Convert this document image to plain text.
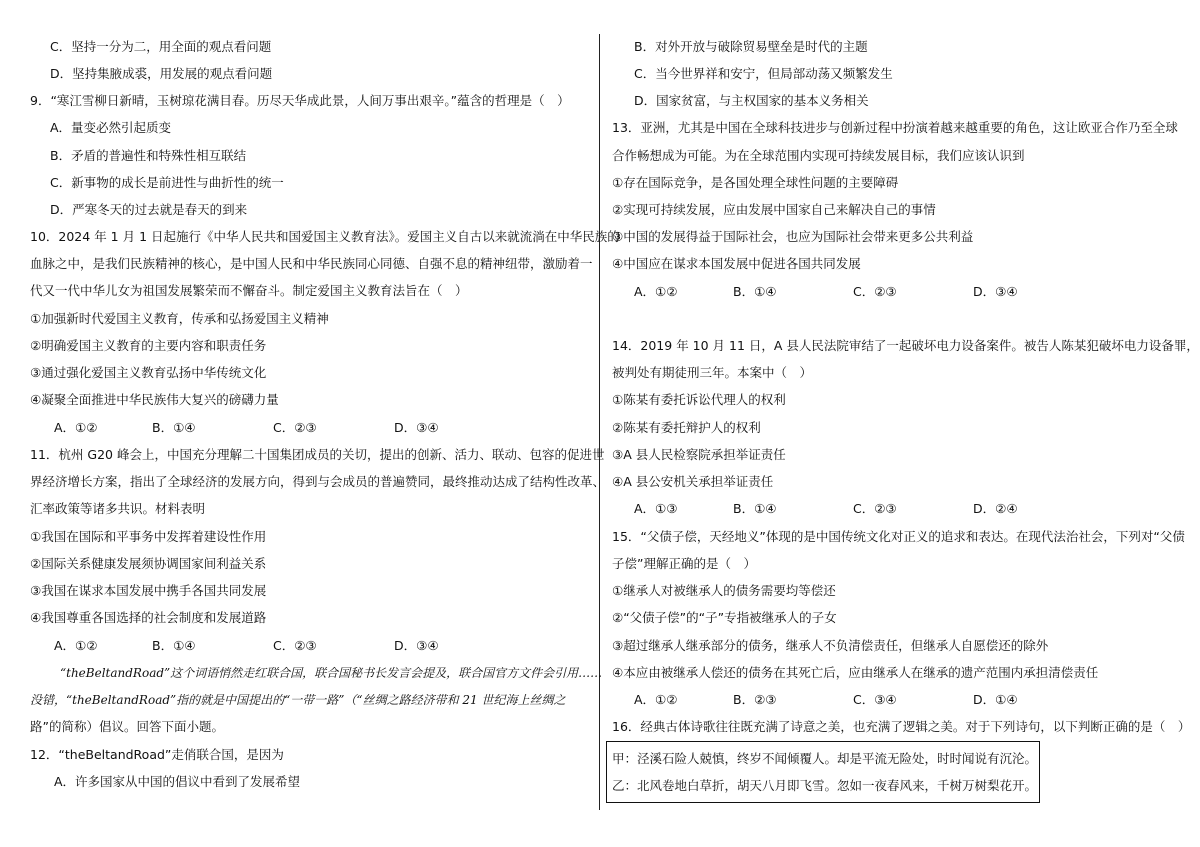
C．坚持一分为二，用全面的观点看问题
D．坚持集腋成裘，用发展的观点看问题
9．“寒江雪柳日新晴，玉树琼花满目春。历尽天华成此景，人间万事出艰辛。”蕴含的哲理是（　）
A．量变必然引起质变
B．矛盾的普遍性和特殊性相互联结
C．新事物的成长是前进性与曲折性的统一
D．严寒冬天的过去就是春天的到来
10．2024 年 1 月 1 日起施行《中华人民共和国爱国主义教育法》。爱国主义自古以来就流淌在中华民族的
血脉之中，是我们民族精神的核心，是中国人民和中华民族同心同德、自强不息的精神纽带，激励着一
代又一代中华儿女为祖国发展繁荣而不懈奋斗。制定爱国主义教育法旨在（　）
①加强新时代爱国主义教育，传承和弘扬爱国主义精神
②明确爱国主义教育的主要内容和职责任务
③通过强化爱国主义教育弘扬中华传统文化
④凝聚全面推进中华民族伟大复兴的磅礴力量
A．①②	B．①④	C．②③	D．③④
11．杭州 G20 峰会上，中国充分理解二十国集团成员的关切，提出的创新、活力、联动、包容的促进世
界经济增长方案，指出了全球经济的发展方向，得到与会成员的普遍赞同，最终推动达成了结构性改革、
汇率政策等诸多共识。材料表明
①我国在国际和平事务中发挥着建设性作用
②国际关系健康发展须协调国家间利益关系
③我国在谋求本国发展中携手各国共同发展
④我国尊重各国选择的社会制度和发展道路
A．①②	B．①④	C．②③	D．③④
“theBeltandRoad”这个词语悄然走红联合国，联合国秘书长发言会提及，联合国官方文件会引用……
没错，“theBeltandRoad”指的就是中国提出的“一带一路”（“丝绸之路经济带和 21 世纪海上丝绸之
路”的简称）倡议。回答下面小题。
12．“theBeltandRoad”走俏联合国，是因为
A．许多国家从中国的倡议中看到了发展希望
B．对外开放与破除贸易壁垒是时代的主题
C．当今世界祥和安宁，但局部动荡又频繁发生
D．国家贫富，与主权国家的基本义务相关
13．亚洲，尤其是中国在全球科技进步与创新过程中扮演着越来越重要的角色，这让欧亚合作乃至全球
合作畅想成为可能。为在全球范围内实现可持续发展目标，我们应该认识到
①存在国际竞争，是各国处理全球性问题的主要障碍
②实现可持续发展，应由发展中国家自己来解决自己的事情
③中国的发展得益于国际社会，也应为国际社会带来更多公共利益
④中国应在谋求本国发展中促进各国共同发展
A．①②	B．①④	C．②③	D．③④
14．2019 年 10 月 11 日，A 县人民法院审结了一起破坏电力设备案件。被告人陈某犯破坏电力设备罪，
被判处有期徒刑三年。本案中（　）
①陈某有委托诉讼代理人的权利
②陈某有委托辩护人的权利
③A 县人民检察院承担举证责任
④A 县公安机关承担举证责任
A．①③	B．①④	C．②③	D．②④
15．“父债子偿，天经地义”体现的是中国传统文化对正义的追求和表达。在现代法治社会，下列对“父债
子偿”理解正确的是（　）
①继承人对被继承人的债务需要均等偿还
②“父债子偿”的“子”专指被继承人的子女
③超过继承人继承部分的债务，继承人不负清偿责任，但继承人自愿偿还的除外
④本应由被继承人偿还的债务在其死亡后，应由继承人在继承的遗产范围内承担清偿责任
A．①②	B．②③	C．③④	D．①④
16．经典古体诗歌往往既充满了诗意之美，也充满了逻辑之美。对于下列诗句，以下判断正确的是（　）
甲：泾溪石险人兢慎，终岁不闻倾覆人。却是平流无险处，时时闻说有沉沦。
乙：北风卷地白草折，胡天八月即飞雪。忽如一夜春风来，千树万树梨花开。
